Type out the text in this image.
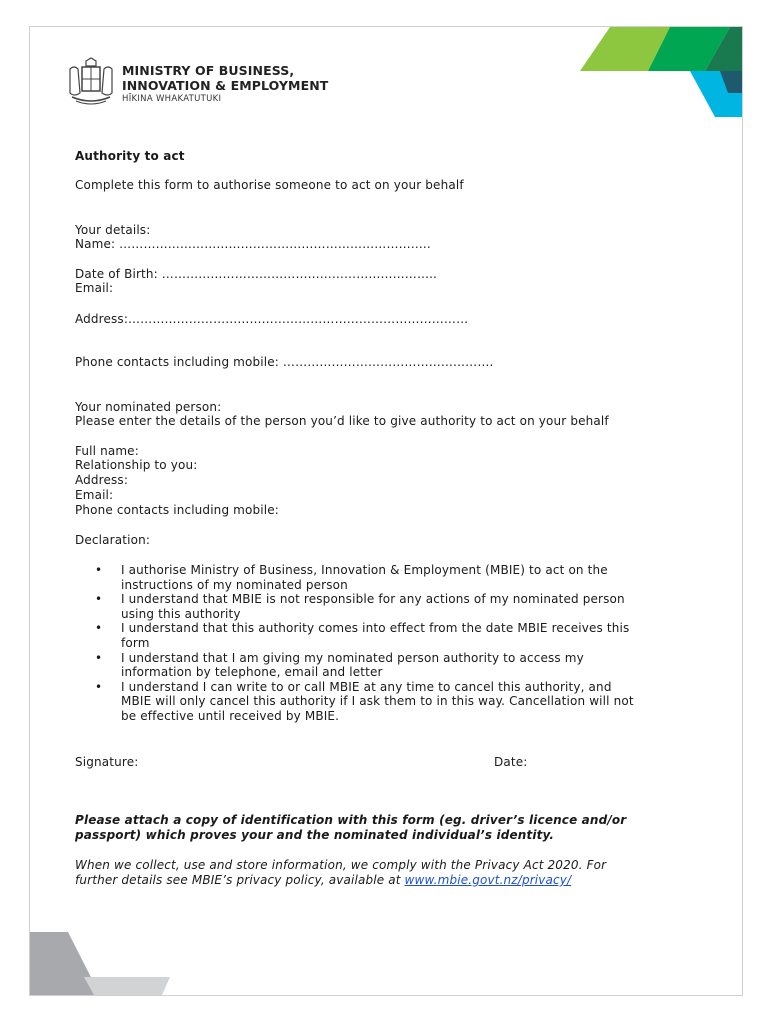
MINISTRY OF BUSINESS,
INNOVATION & EMPLOYMENT
HĪKINA WHAKATUTUKI
Authority to act
Complete this form to authorise someone to act on your behalf
Your details:
Name: …………………………………………………………………..
Date of Birth: …………………………………………………………..
Email:
Address:…………………………………………………………………………
Phone contacts including mobile: …………………………………………….
Your nominated person:
Please enter the details of the person you’d like to give authority to act on your behalf
Full name:
Relationship to you:
Address:
Email:
Phone contacts including mobile:
Declaration:
• I authorise Ministry of Business, Innovation & Employment (MBIE) to act on the
instructions of my nominated person
• I understand that MBIE is not responsible for any actions of my nominated person
using this authority
• I understand that this authority comes into effect from the date MBIE receives this
form
• I understand that I am giving my nominated person authority to access my
information by telephone, email and letter
• I understand I can write to or call MBIE at any time to cancel this authority, and
MBIE will only cancel this authority if I ask them to in this way. Cancellation will not
be effective until received by MBIE.
Signature:	Date:
Please attach a copy of identification with this form (eg. driver’s licence and/or
passport) which proves your and the nominated individual’s identity.
When we collect, use and store information, we comply with the Privacy Act 2020. For
further details see MBIE’s privacy policy, available at www.mbie.govt.nz/privacy/
